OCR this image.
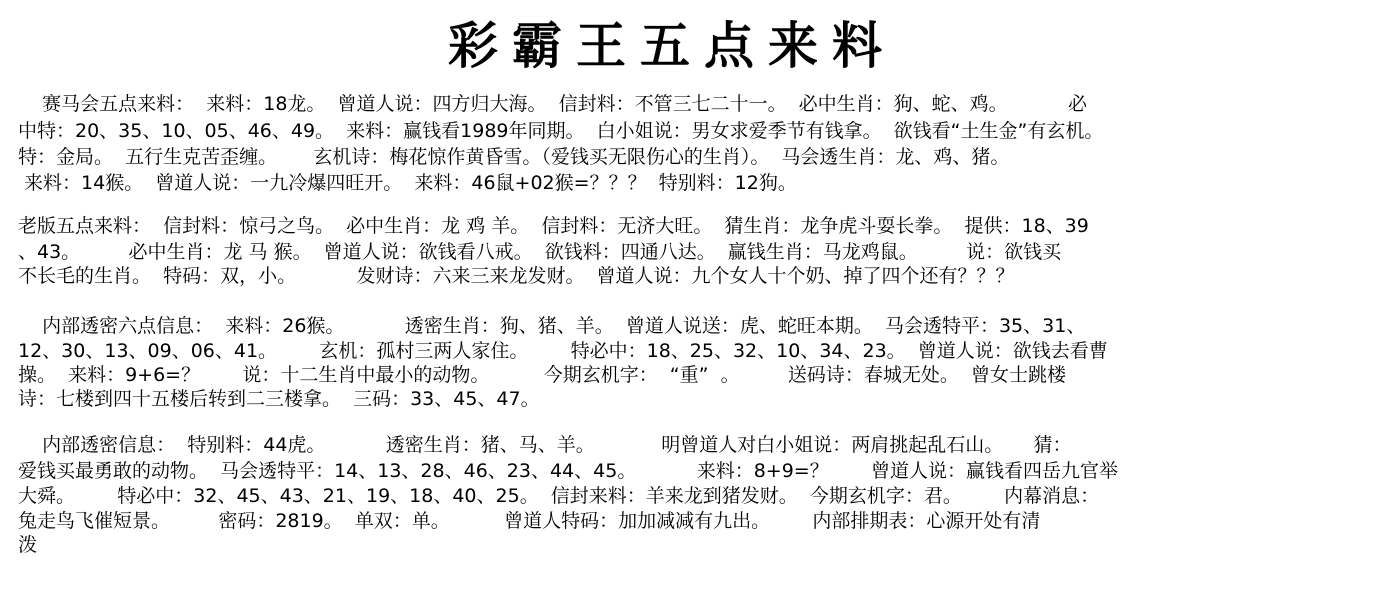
彩霸王五点来料
赛马会五点来料：  来料：18龙。  曾道人说：四方归大海。  信封料：不管三七二十一。  必中生肖：狗、蛇、鸡。          必
中特：20、35、10、05、46、49。  来料：赢钱看1989年同期。  白小姐说：男女求爱季节有钱拿。  欲钱看“土生金”有玄机。
特：金局。  五行生克苦歪缠。      玄机诗：梅花惊作黄昏雪。（爱钱买无限伤心的生肖）。  马会透生肖：龙、鸡、猪。
来料：14猴。  曾道人说：一九冷爆四旺开。  来料：46鼠+02猴=？？？  特别料：12狗。
老版五点来料：  信封料：惊弓之鸟。  必中生肖：龙 鸡 羊。  信封料：无济大旺。  猜生肖：龙争虎斗耍长拳。  提供：18、39
、43。        必中生肖：龙 马 猴。  曾道人说：欲钱看八戒。  欲钱料：四通八达。  赢钱生肖：马龙鸡鼠。        说：欲钱买
不长毛的生肖。  特码：双，小。          发财诗：六来三来龙发财。  曾道人说：九个女人十个奶、掉了四个还有？？？
内部透密六点信息：  来料：26猴。          透密生肖：狗、猪、羊。  曾道人说送：虎、蛇旺本期。  马会透特平：35、31、
12、30、13、09、06、41。       玄机：孤村三两人家住。       特必中：18、25、32、10、34、23。  曾道人说：欲钱去看曹
操。  来料：9+6=？       说：十二生肖中最小的动物。         今期玄机字：  “重”  。        送码诗：春城无处。  曾女士跳楼
诗：七楼到四十五楼后转到二三楼拿。  三码：33、45、47。
内部透密信息：  特别料：44虎。          透密生肖：猪、马、羊。           明曾道人对白小姐说：两肩挑起乱石山。     猜：
爱钱买最勇敢的动物。  马会透特平：14、13、28、46、23、44、45。          来料：8+9=？       曾道人说：赢钱看四岳九官举
大舜。       特必中：32、45、43、21、19、18、40、25。  信封来料：羊来龙到猪发财。  今期玄机字：君。       内幕消息：
兔走鸟飞催短景。        密码：2819。  单双：单。         曾道人特码：加加减减有九出。       内部排期表：心源开处有清
泼
